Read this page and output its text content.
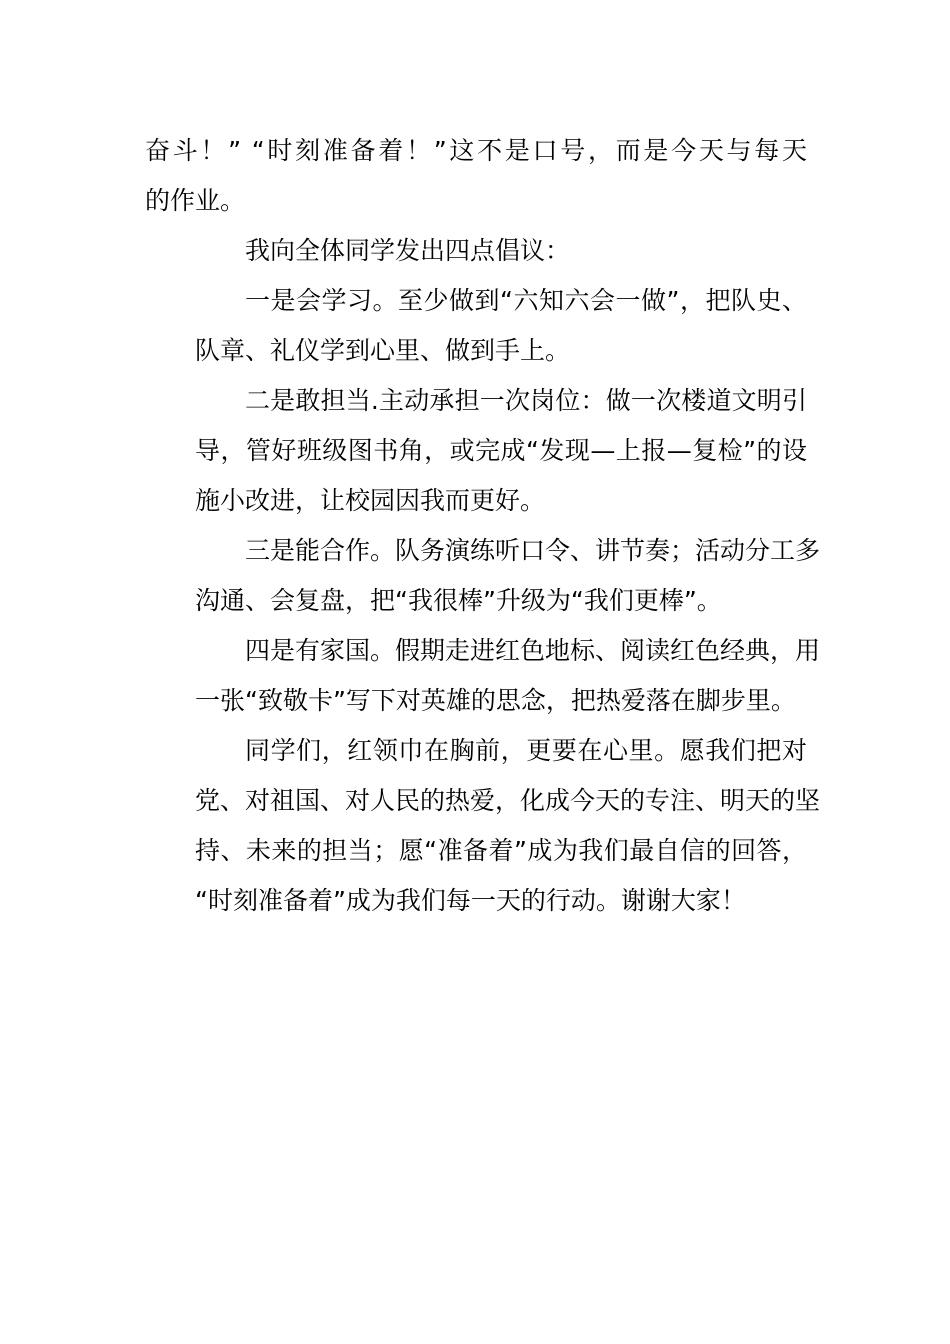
奋斗！” “时刻准备着！”这不是口号，而是今天与每天
的作业。
我向全体同学发出四点倡议：
一是会学习。至少做到“六知六会一做”，把队史、
队章、礼仪学到心里、做到手上。
二是敢担当.主动承担一次岗位：做一次楼道文明引
导，管好班级图书角，或完成“发现—上报—复检”的设
施小改进，让校园因我而更好。
三是能合作。队务演练听口令、讲节奏；活动分工多
沟通、会复盘，把“我很棒”升级为“我们更棒”。
四是有家国。假期走进红色地标、阅读红色经典，用
一张“致敬卡”写下对英雄的思念，把热爱落在脚步里。
同学们，红领巾在胸前，更要在心里。愿我们把对
党、对祖国、对人民的热爱，化成今天的专注、明天的坚
持、未来的担当；愿“准备着”成为我们最自信的回答，
“时刻准备着”成为我们每一天的行动。谢谢大家！
